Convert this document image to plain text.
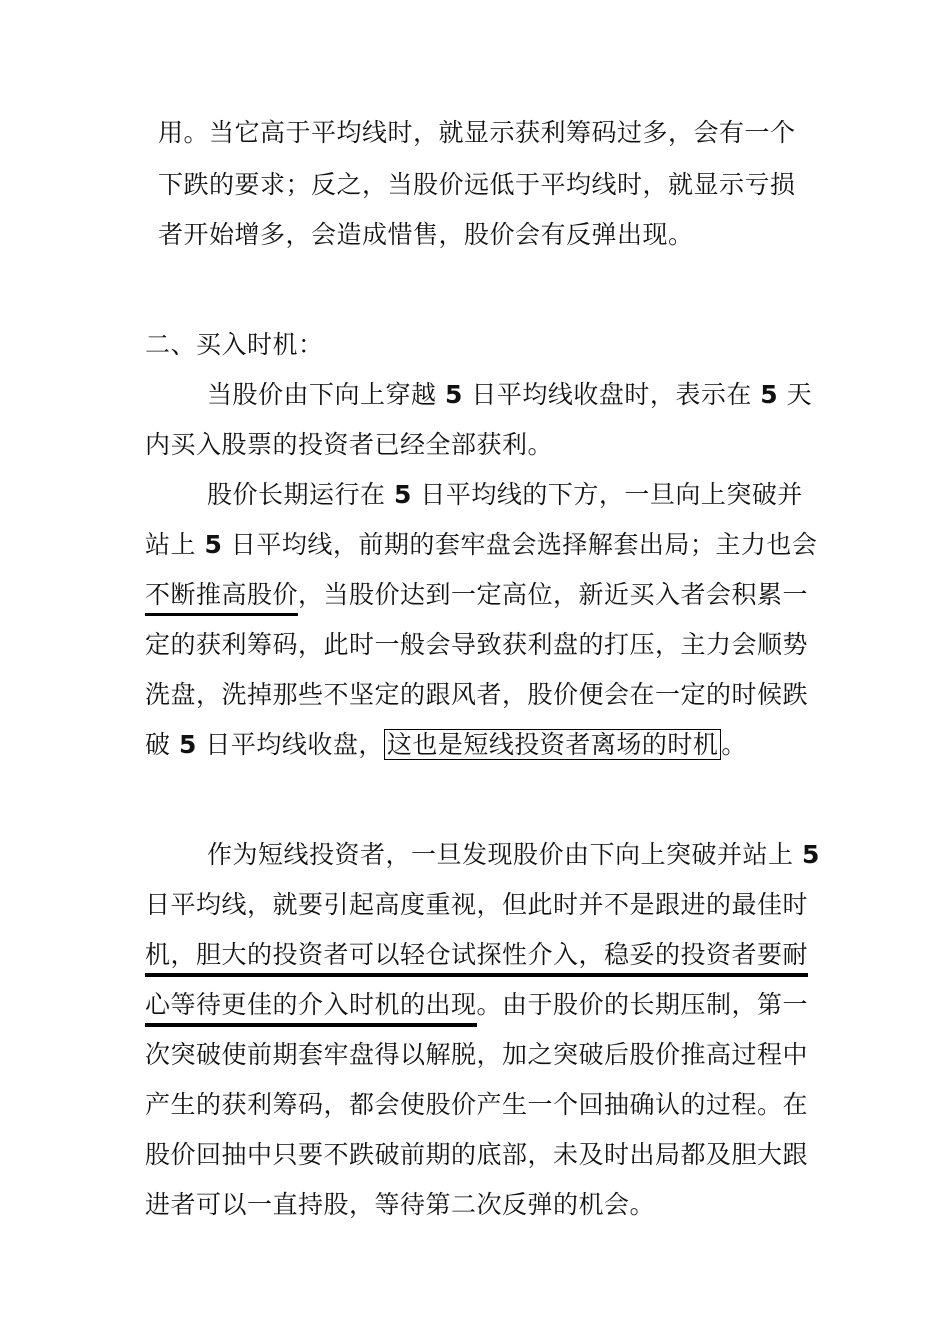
用。当它高于平均线时，就显示获利筹码过多，会有一个
下跌的要求；反之，当股价远低于平均线时，就显示亏损
者开始增多，会造成惜售，股价会有反弹出现。
二、买入时机：
当股价由下向上穿越 5 日平均线收盘时，表示在 5 天
内买入股票的投资者已经全部获利。
股价长期运行在 5 日平均线的下方，一旦向上突破并
站上 5 日平均线，前期的套牢盘会选择解套出局；主力也会
不断推高股价，当股价达到一定高位，新近买入者会积累一
定的获利筹码，此时一般会导致获利盘的打压，主力会顺势
洗盘，洗掉那些不坚定的跟风者，股价便会在一定的时候跌
破 5 日平均线收盘， 这也是短线投资者离场的时机 。
作为短线投资者，一旦发现股价由下向上突破并站上 5
日平均线，就要引起高度重视，但此时并不是跟进的最佳时
机，胆大的投资者可以轻仓试探性介入，稳妥的投资者要耐
心等待更佳的介入时机的出现。由于股价的长期压制，第一
次突破使前期套牢盘得以解脱，加之突破后股价推高过程中
产生的获利筹码，都会使股价产生一个回抽确认的过程。在
股价回抽中只要不跌破前期的底部，未及时出局都及胆大跟
进者可以一直持股，等待第二次反弹的机会。
